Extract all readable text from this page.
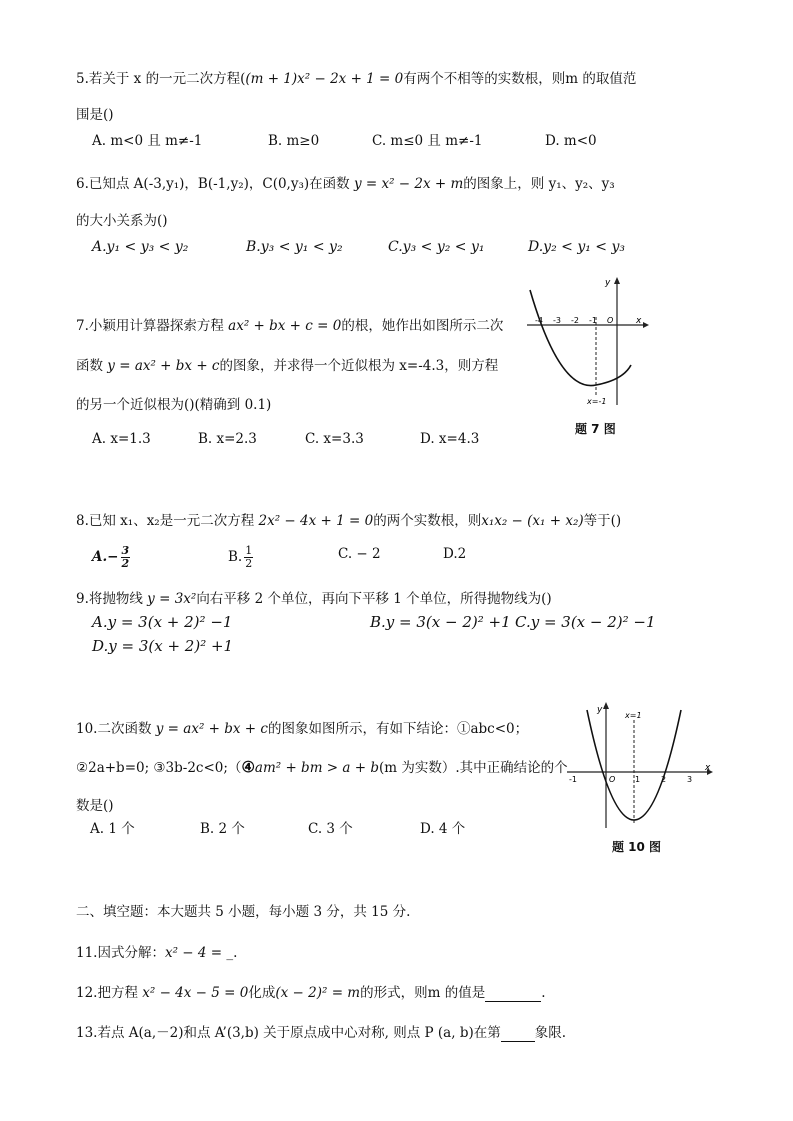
5.若关于 x 的一元二次方程((m + 1)x² − 2x + 1 = 0有两个不相等的实数根，则m 的取值范
围是()
A. m<0 且 m≠-1	B. m≥0	C. m≤0 且 m≠-1	D. m<0
6.已知点 A(-3,y₁)，B(-1,y₂)，C(0,y₃)在函数 y = x² − 2x + m的图象上，则 y₁、y₂、y₃
的大小关系为()
A.y₁ < y₃ < y₂	B.y₃ < y₁ < y₂	C.y₃ < y₂ < y₁	D.y₂ < y₁ < y₃
7.小颖用计算器探索方程 ax² + bx + c = 0的根，她作出如图所示二次
函数 y = ax² + bx + c的图象，并求得一个近似根为 x=-4.3，则方程
的另一个近似根为()(精确到 0.1)
A. x=1.3	B. x=2.3	C. x=3.3	D. x=4.3
y
x
-4 -3 -2 -1 O
x=-1
题 7 图
8.已知 x₁、x₂是一元二次方程 2x² − 4x + 1 = 0的两个实数根，则x₁x₂ − (x₁ + x₂)等于()
$A.- \frac{3}{2}$	B. $\frac{1}{2}$	C. − 2	D.2
9.将抛物线 y = 3x²向右平移 2 个单位，再向下平移 1 个单位，所得抛物线为()
A.y = 3(x + 2)² −1	B.y = 3(x − 2)² +1 C.y = 3(x − 2)² −1
D.y = 3(x + 2)² +1
10.二次函数 y = ax² + bx + c的图象如图所示，有如下结论：①abc<0；
②2a+b=0; ③3b-2c<0;（④am² + bm > a + b(m 为实数）.其中正确结论的个
数是()
A. 1 个	B. 2 个	C. 3 个	D. 4 个
y
x
-1	O 1	2	3
x=1
题 10 图
二、填空题：本大题共 5 小题，每小题 3 分，共 15 分.
11.因式分解：x² − 4 = _.
12.把方程 x² − 4x − 5 = 0化成(x − 2)² = m的形式，则m 的值是	.
13.若点 A(a,－2)和点 A’(3,b) 关于原点成中心对称, 则点 P (a, b)在第	象限.
